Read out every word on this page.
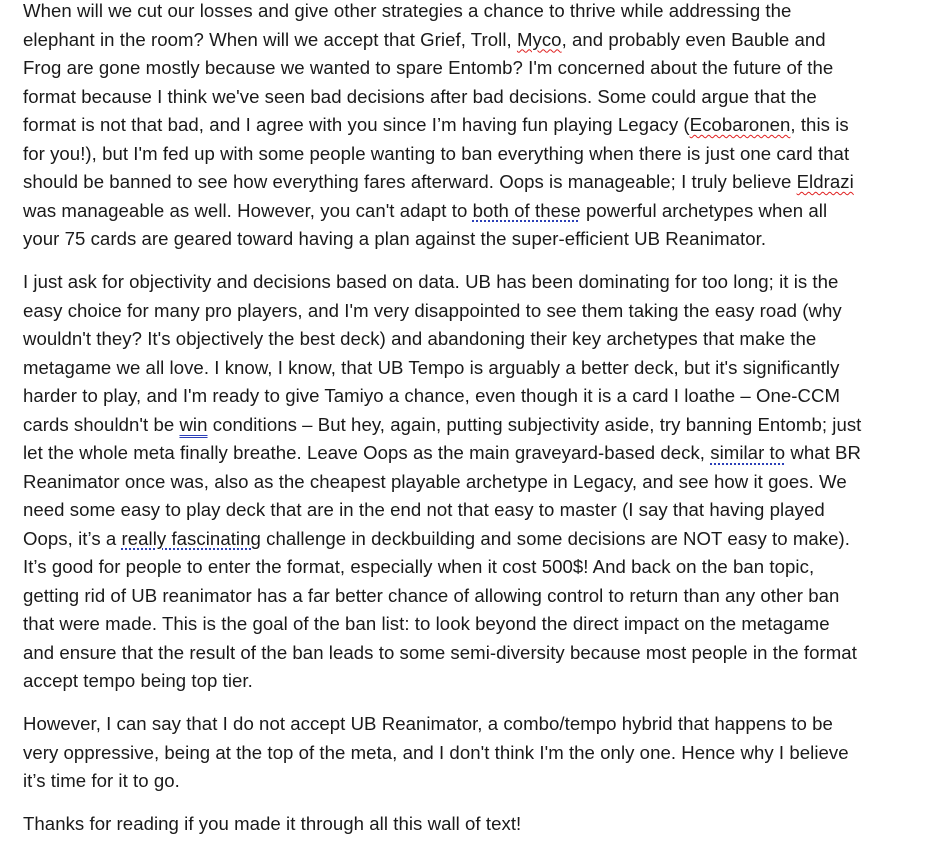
When will we cut our losses and give other strategies a chance to thrive while addressing the elephant in the room? When will we accept that Grief, Troll, Myco, and probably even Bauble and Frog are gone mostly because we wanted to spare Entomb? I'm concerned about the future of the format because I think we've seen bad decisions after bad decisions. Some could argue that the format is not that bad, and I agree with you since I’m having fun playing Legacy (Ecobaronen, this is for you!), but I'm fed up with some people wanting to ban everything when there is just one card that should be banned to see how everything fares afterward. Oops is manageable; I truly believe Eldrazi was manageable as well. However, you can't adapt to both of these powerful archetypes when all your 75 cards are geared toward having a plan against the super-efficient UB Reanimator.

I just ask for objectivity and decisions based on data. UB has been dominating for too long; it is the easy choice for many pro players, and I'm very disappointed to see them taking the easy road (why wouldn't they? It's objectively the best deck) and abandoning their key archetypes that make the metagame we all love. I know, I know, that UB Tempo is arguably a better deck, but it's significantly harder to play, and I'm ready to give Tamiyo a chance, even though it is a card I loathe – One-CCM cards shouldn't be win conditions – But hey, again, putting subjectivity aside, try banning Entomb; just let the whole meta finally breathe. Leave Oops as the main graveyard-based deck, similar to what BR Reanimator once was, also as the cheapest playable archetype in Legacy, and see how it goes. We need some easy to play deck that are in the end not that easy to master (I say that having played Oops, it’s a really fascinating challenge in deckbuilding and some decisions are NOT easy to make). It’s good for people to enter the format, especially when it cost 500$! And back on the ban topic, getting rid of UB reanimator has a far better chance of allowing control to return than any other ban that were made. This is the goal of the ban list: to look beyond the direct impact on the metagame and ensure that the result of the ban leads to some semi-diversity because most people in the format accept tempo being top tier.

However, I can say that I do not accept UB Reanimator, a combo/tempo hybrid that happens to be very oppressive, being at the top of the meta, and I don't think I'm the only one. Hence why I believe it’s time for it to go.

Thanks for reading if you made it through all this wall of text!
